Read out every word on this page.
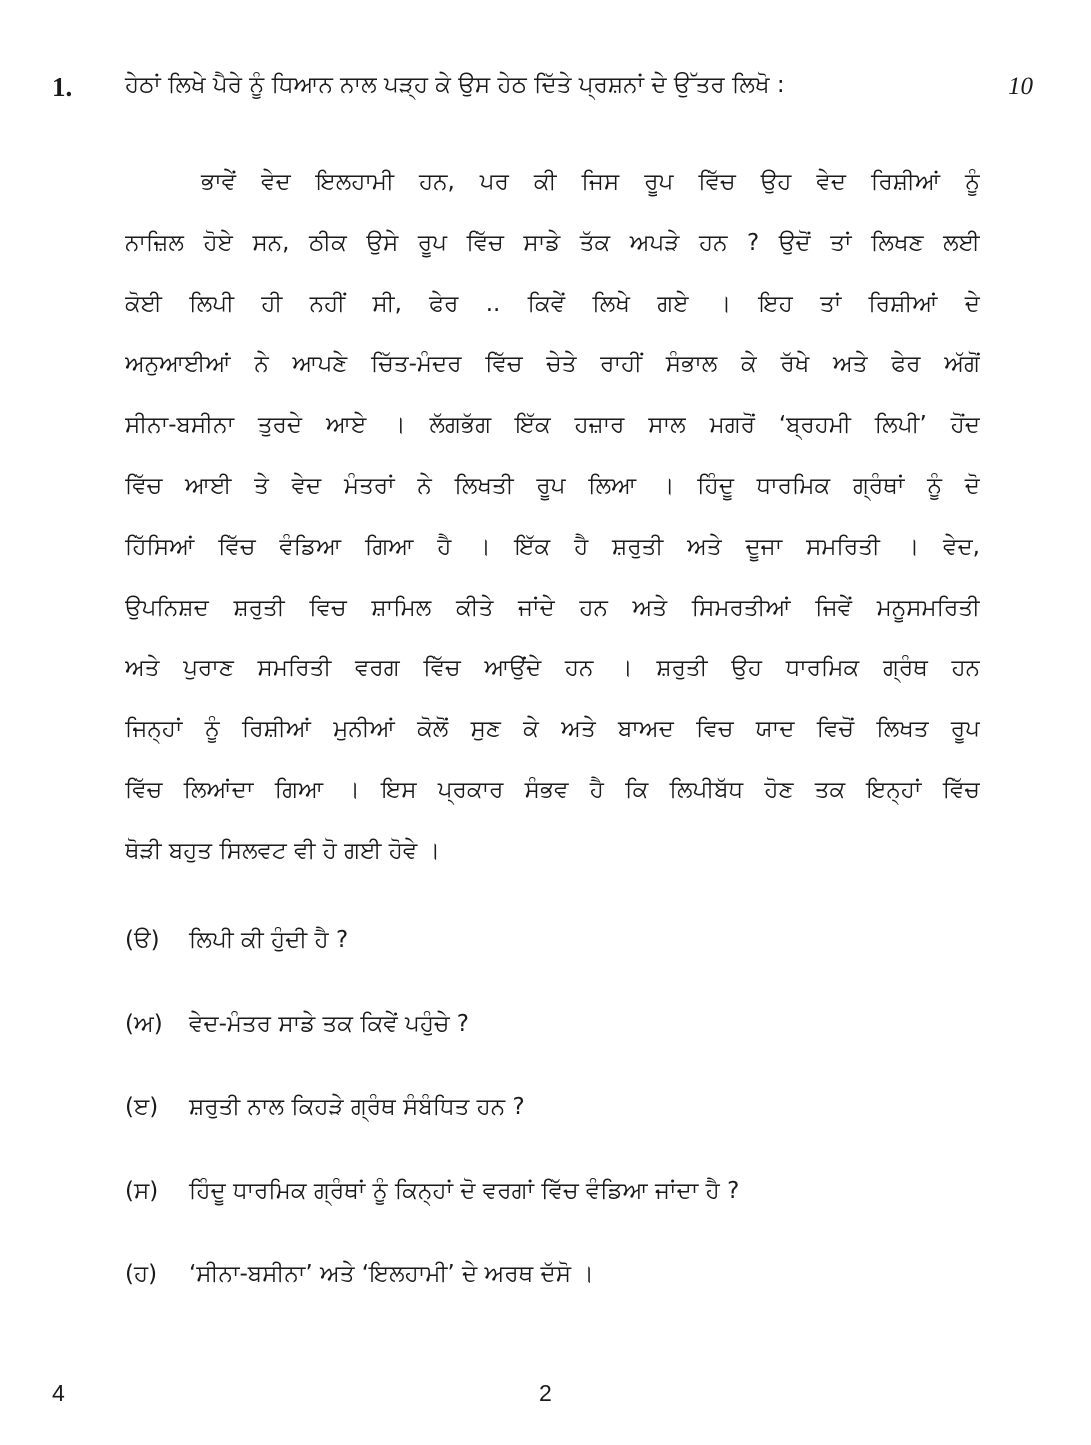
1. ਹੇਠਾਂ ਲਿਖੇ ਪੈਰੇ ਨੂੰ ਧਿਆਨ ਨਾਲ ਪੜ੍ਹ ਕੇ ਉਸ ਹੇਠ ਦਿੱਤੇ ਪ੍ਰਸ਼ਨਾਂ ਦੇ ਉੱਤਰ ਲਿਖੋ :	10
ਭਾਵੇਂ ਵੇਦ ਇਲਹਾਮੀ ਹਨ, ਪਰ ਕੀ ਜਿਸ ਰੂਪ ਵਿੱਚ ਉਹ ਵੇਦ ਰਿਸ਼ੀਆਂ ਨੂੰ
ਨਾਜ਼ਿਲ ਹੋਏ ਸਨ, ਠੀਕ ਉਸੇ ਰੂਪ ਵਿੱਚ ਸਾਡੇ ਤੱਕ ਅਪੜੇ ਹਨ ? ਉਦੋਂ ਤਾਂ ਲਿਖਣ ਲਈ
ਕੋਈ ਲਿਪੀ ਹੀ ਨਹੀਂ ਸੀ, ਫੇਰ .. ਕਿਵੇਂ ਲਿਖੇ ਗਏ । ਇਹ ਤਾਂ ਰਿਸ਼ੀਆਂ ਦੇ
ਅਨੁਆਈਆਂ ਨੇ ਆਪਣੇ ਚਿੱਤ-ਮੰਦਰ ਵਿੱਚ ਚੇਤੇ ਰਾਹੀਂ ਸੰਭਾਲ ਕੇ ਰੱਖੇ ਅਤੇ ਫੇਰ ਅੱਗੋਂ
ਸੀਨਾ-ਬਸੀਨਾ ਤੁਰਦੇ ਆਏ । ਲੱਗਭੱਗ ਇੱਕ ਹਜ਼ਾਰ ਸਾਲ ਮਗਰੋਂ ‘ਬ੍ਰਹਮੀ ਲਿਪੀ’ ਹੋਂਦ
ਵਿੱਚ ਆਈ ਤੇ ਵੇਦ ਮੰਤਰਾਂ ਨੇ ਲਿਖਤੀ ਰੂਪ ਲਿਆ । ਹਿੰਦੂ ਧਾਰਮਿਕ ਗ੍ਰੰਥਾਂ ਨੂੰ ਦੋ
ਹਿੱਸਿਆਂ ਵਿੱਚ ਵੰਡਿਆ ਗਿਆ ਹੈ । ਇੱਕ ਹੈ ਸ਼ਰੁਤੀ ਅਤੇ ਦੂਜਾ ਸਮਰਿਤੀ । ਵੇਦ,
ਉਪਨਿਸ਼ਦ ਸ਼ਰੁਤੀ ਵਿਚ ਸ਼ਾਮਿਲ ਕੀਤੇ ਜਾਂਦੇ ਹਨ ਅਤੇ ਸਿਮਰਤੀਆਂ ਜਿਵੇਂ ਮਨੂਸਮਰਿਤੀ
ਅਤੇ ਪੁਰਾਣ ਸਮਰਿਤੀ ਵਰਗ ਵਿੱਚ ਆਉਂਦੇ ਹਨ । ਸ਼ਰੁਤੀ ਉਹ ਧਾਰਮਿਕ ਗ੍ਰੰਥ ਹਨ
ਜਿਨ੍ਹਾਂ ਨੂੰ ਰਿਸ਼ੀਆਂ ਮੁਨੀਆਂ ਕੋਲੋਂ ਸੁਣ ਕੇ ਅਤੇ ਬਾਅਦ ਵਿਚ ਯਾਦ ਵਿਚੋਂ ਲਿਖਤ ਰੂਪ
ਵਿੱਚ ਲਿਆਂਦਾ ਗਿਆ । ਇਸ ਪ੍ਰਕਾਰ ਸੰਭਵ ਹੈ ਕਿ ਲਿਪੀਬੱਧ ਹੋਣ ਤਕ ਇਨ੍ਹਾਂ ਵਿੱਚ
ਥੋੜੀ ਬਹੁਤ ਸਿਲਵਟ ਵੀ ਹੋ ਗਈ ਹੋਵੇ ।
(ੳ) ਲਿਪੀ ਕੀ ਹੁੰਦੀ ਹੈ ?
(ਅ) ਵੇਦ-ਮੰਤਰ ਸਾਡੇ ਤਕ ਕਿਵੇਂ ਪਹੁੰਚੇ ?
(ੲ) ਸ਼ਰੁਤੀ ਨਾਲ ਕਿਹੜੇ ਗ੍ਰੰਥ ਸੰਬੰਧਿਤ ਹਨ ?
(ਸ) ਹਿੰਦੂ ਧਾਰਮਿਕ ਗ੍ਰੰਥਾਂ ਨੂੰ ਕਿਨ੍ਹਾਂ ਦੋ ਵਰਗਾਂ ਵਿੱਚ ਵੰਡਿਆ ਜਾਂਦਾ ਹੈ ?
(ਹ) ‘ਸੀਨਾ-ਬਸੀਨਾ’ ਅਤੇ ‘ਇਲਹਾਮੀ’ ਦੇ ਅਰਥ ਦੱਸੋ ।
4	2
